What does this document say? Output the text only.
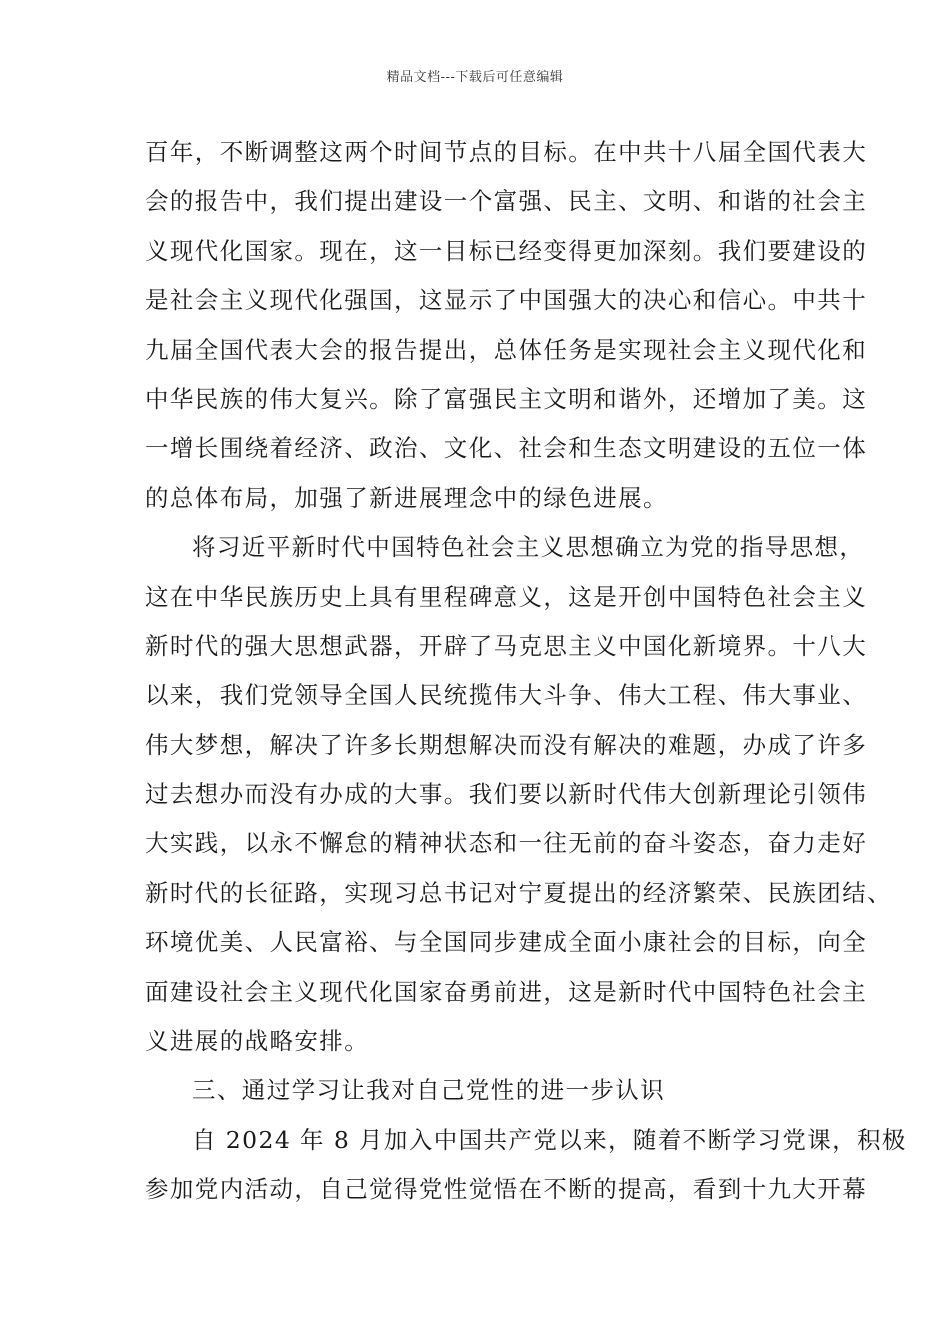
精品文档---下载后可任意编辑
百年，不断调整这两个时间节点的目标。在中共十八届全国代表大
会的报告中，我们提出建设一个富强、民主、文明、和谐的社会主
义现代化国家。现在，这一目标已经变得更加深刻。我们要建设的
是社会主义现代化强国，这显示了中国强大的决心和信心。中共十
九届全国代表大会的报告提出，总体任务是实现社会主义现代化和
中华民族的伟大复兴。除了富强民主文明和谐外，还增加了美。这
一增长围绕着经济、政治、文化、社会和生态文明建设的五位一体
的总体布局，加强了新进展理念中的绿色进展。
将习近平新时代中国特色社会主义思想确立为党的指导思想，
这在中华民族历史上具有里程碑意义，这是开创中国特色社会主义
新时代的强大思想武器，开辟了马克思主义中国化新境界。十八大
以来，我们党领导全国人民统揽伟大斗争、伟大工程、伟大事业、
伟大梦想，解决了许多长期想解决而没有解决的难题，办成了许多
过去想办而没有办成的大事。我们要以新时代伟大创新理论引领伟
大实践，以永不懈怠的精神状态和一往无前的奋斗姿态，奋力走好
新时代的长征路，实现习总书记对宁夏提出的经济繁荣、民族团结、
环境优美、人民富裕、与全国同步建成全面小康社会的目标，向全
面建设社会主义现代化国家奋勇前进，这是新时代中国特色社会主
义进展的战略安排。
三、通过学习让我对自己党性的进一步认识
自 2024 年 8 月加入中国共产党以来，随着不断学习党课，积极
参加党内活动，自己觉得党性觉悟在不断的提高，看到十九大开幕
